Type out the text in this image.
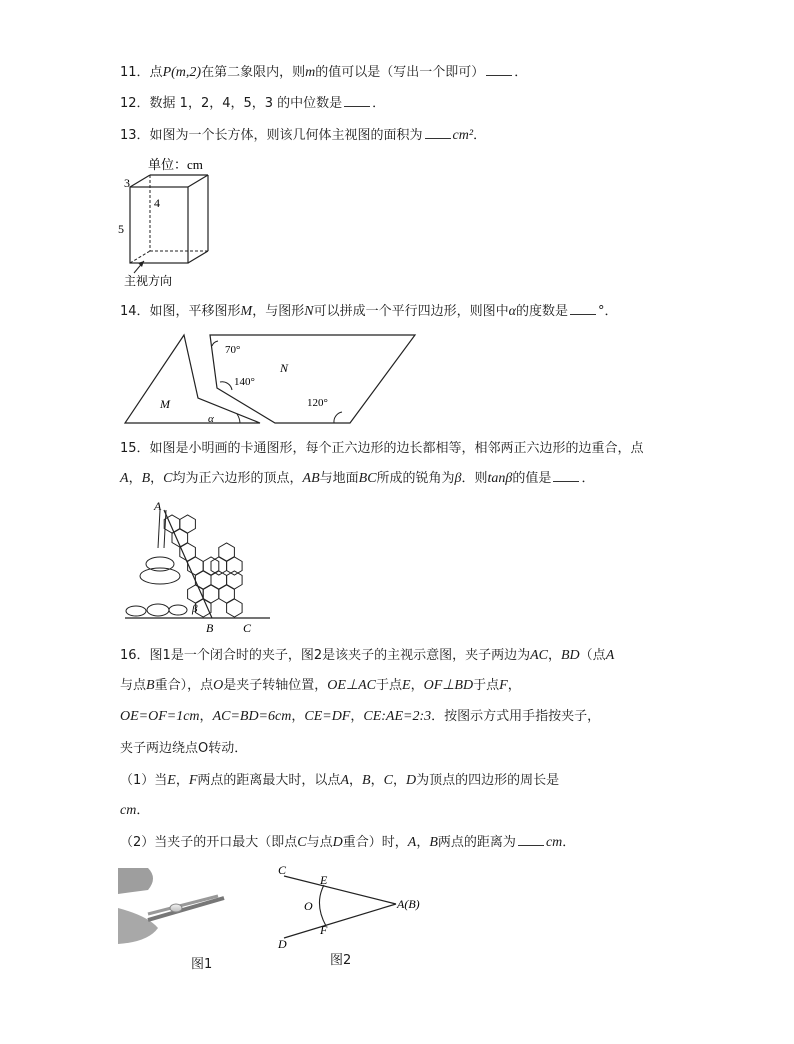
11．点P(m,2)在第二象限内，则m的值可以是（写出一个即可） ．
12．数据 1，2，4，5，3 的中位数是 ．
13．如图为一个长方体，则该几何体主视图的面积为 cm²．
单位：cm
3
4
5
主视方向
14．如图，平移图形M，与图形N可以拼成一个平行四边形，则图中α的度数是 °．
M
N
70°
140°
120°
α
15．如图是小明画的卡通图形，每个正六边形的边长都相等，相邻两正六边形的边重合，点
A，B，C均为正六边形的顶点，AB与地面BC所成的锐角为β．则tanβ的值是 ．
A
B C
β
16．图1是一个闭合时的夹子，图2是该夹子的主视示意图，夹子两边为AC，BD（点A
与点B重合），点O是夹子转轴位置，OE⊥AC于点E，OF⊥BD于点F，
OE=OF=1cm，AC=BD=6cm，CE=DF，CE:AE=2:3．按图示方式用手指按夹子，
夹子两边绕点O转动．
（1）当E，F两点的距离最大时，以点A，B，C，D为顶点的四边形的周长是
cm．
（2）当夹子的开口最大（即点C与点D重合）时，A，B两点的距离为 cm．
图1
C
E
O
F
D
A(B)
图2
